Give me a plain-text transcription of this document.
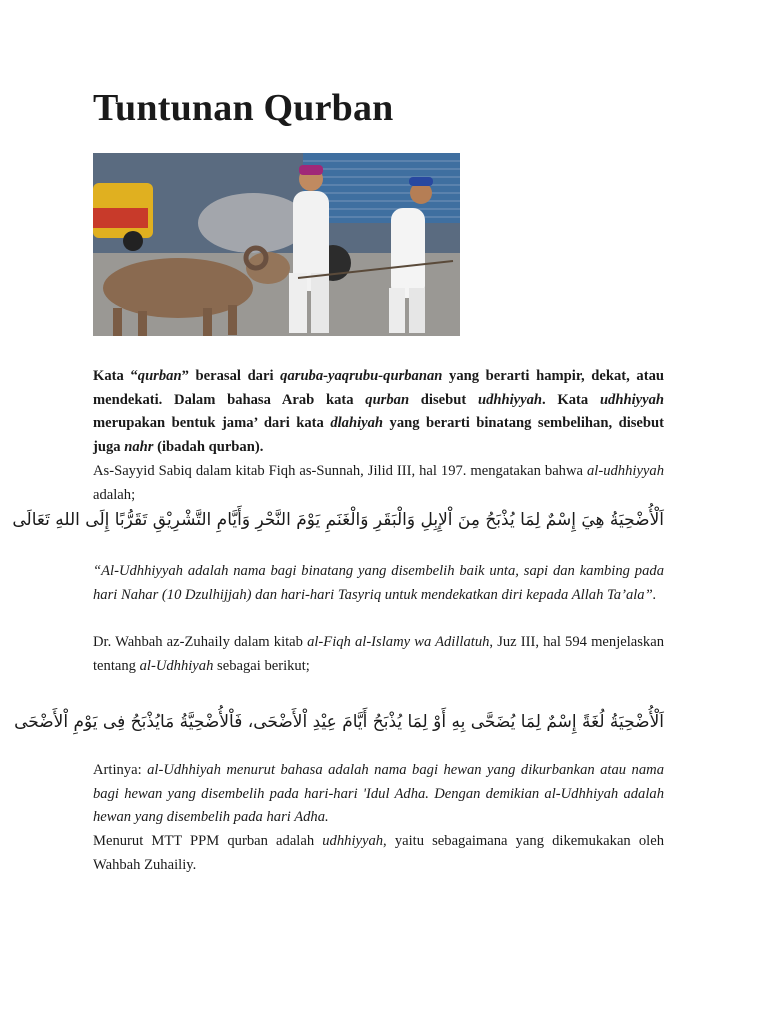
Tuntunan Qurban

Kata “qurban” berasal dari qaruba-yaqrubu-qurbanan yang berarti hampir, dekat, atau mendekati. Dalam bahasa Arab kata qurban disebut udhhiyyah. Kata udhhiyyah merupakan bentuk jama’ dari kata dlahiyah yang berarti binatang sembelihan, disebut juga nahr (ibadah qurban).

As-Sayyid Sabiq dalam kitab Fiqh as-Sunnah, Jilid III, hal 197. mengatakan bahwa al-udhhiyyah adalah;

اَلْأُضْحِيَةُ هِيَ إِسْمٌ لِمَا يُذْبَحُ مِنَ اْلإِبِلِ وَالْبَقَرِ وَالْغَنَمِ يَوْمَ النَّحْرِ وَأَيَّامِ التَّشْرِيْقِ تَقَرُّبًا إِلَى اللهِ تَعَالَى

“Al-Udhhiyyah adalah nama bagi binatang yang disembelih baik unta, sapi dan kambing pada hari Nahar (10 Dzulhijjah) dan hari-hari Tasyriq untuk mendekatkan diri kepada Allah Ta’ala”.

Dr. Wahbah az-Zuhaily dalam kitab al-Fiqh al-Islamy wa Adillatuh, Juz III, hal 594 menjelaskan tentang al-Udhhiyah sebagai berikut;

اَلْأُضْحِيَةُ لُغَةً إِسْمٌ لِمَا يُضَحَّى بِهِ أَوْ لِمَا يُذْبَحُ أَيَّامَ عِيْدِ اْلأَضْحَى، فَاْلأُضْحِيَّةُ مَايُذْبَحُ فِى يَوْمِ اْلأَضْحَى

Artinya: al-Udhhiyah menurut bahasa adalah nama bagi hewan yang dikurbankan atau nama bagi hewan yang disembelih pada hari-hari 'Idul Adha. Dengan demikian al-Udhhiyah adalah hewan yang disembelih pada hari Adha.

Menurut MTT PPM qurban adalah udhhiyyah, yaitu sebagaimana yang dikemukakan oleh Wahbah Zuhailiy.
